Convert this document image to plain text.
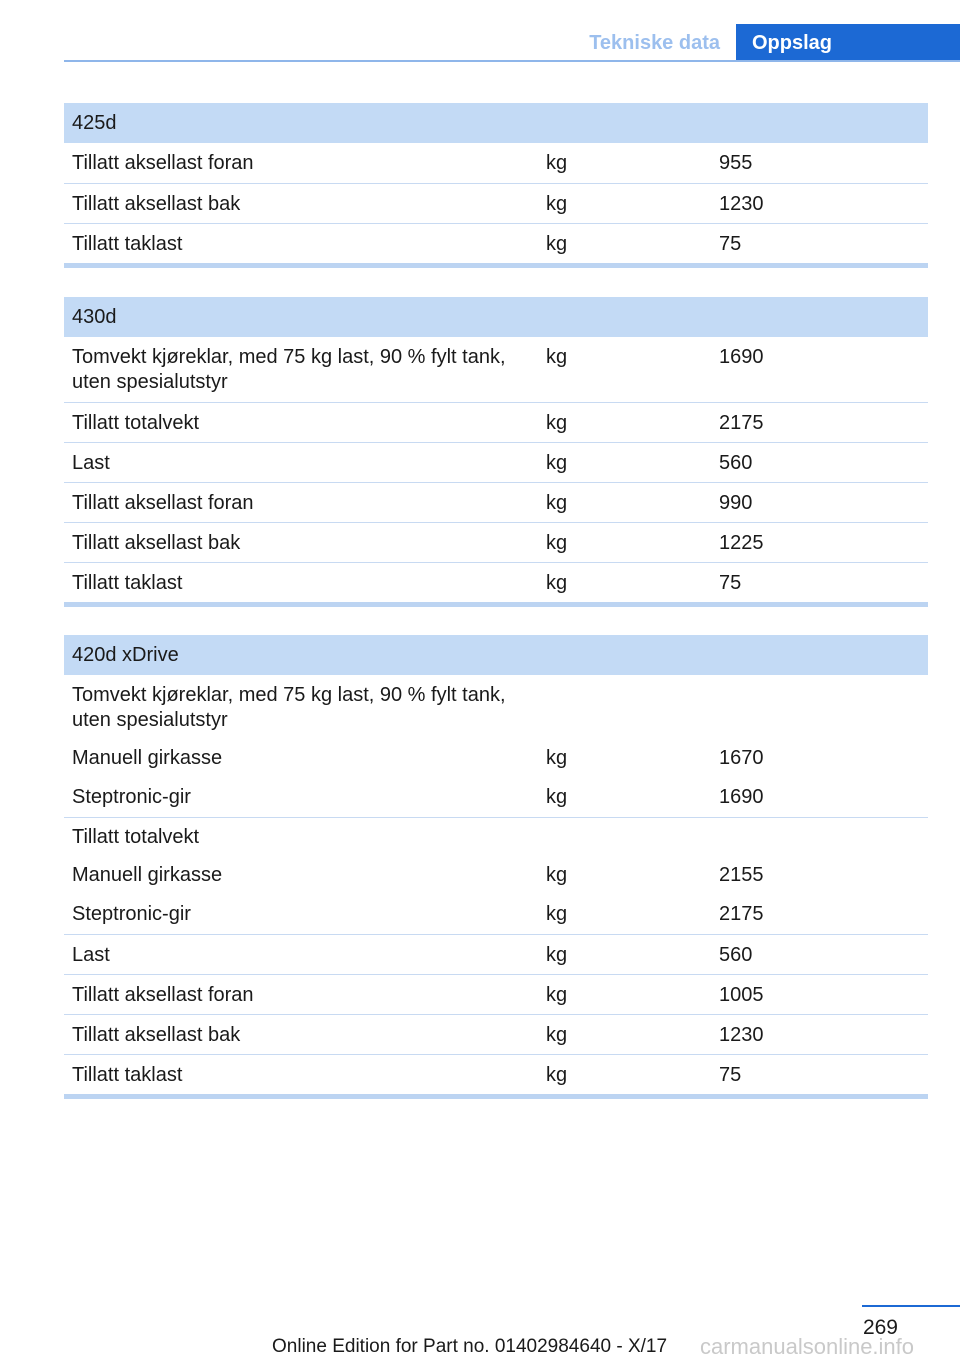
Tekniske data	Oppslag
425d
Tillatt aksellast foran	kg	955
Tillatt aksellast bak	kg	1230
Tillatt taklast	kg	75
430d
Tomvekt kjøreklar, med 75 kg last, 90 % fylt tank,
uten spesialutstyr
kg	1690
Tillatt totalvekt	kg	2175
Last	kg	560
Tillatt aksellast foran	kg	990
Tillatt aksellast bak	kg	1225
Tillatt taklast	kg	75
420d xDrive
Tomvekt kjøreklar, med 75 kg last, 90 % fylt tank,
uten spesialutstyr
Manuell girkasse	kg	1670
Steptronic-gir	kg	1690
Tillatt totalvekt
Manuell girkasse	kg	2155
Steptronic-gir	kg	2175
Last	kg	560
Tillatt aksellast foran	kg	1005
Tillatt aksellast bak	kg	1230
Tillatt taklast	kg	75
269
Online Edition for Part no. 01402984640 - X/17 carmanualsonline.info
